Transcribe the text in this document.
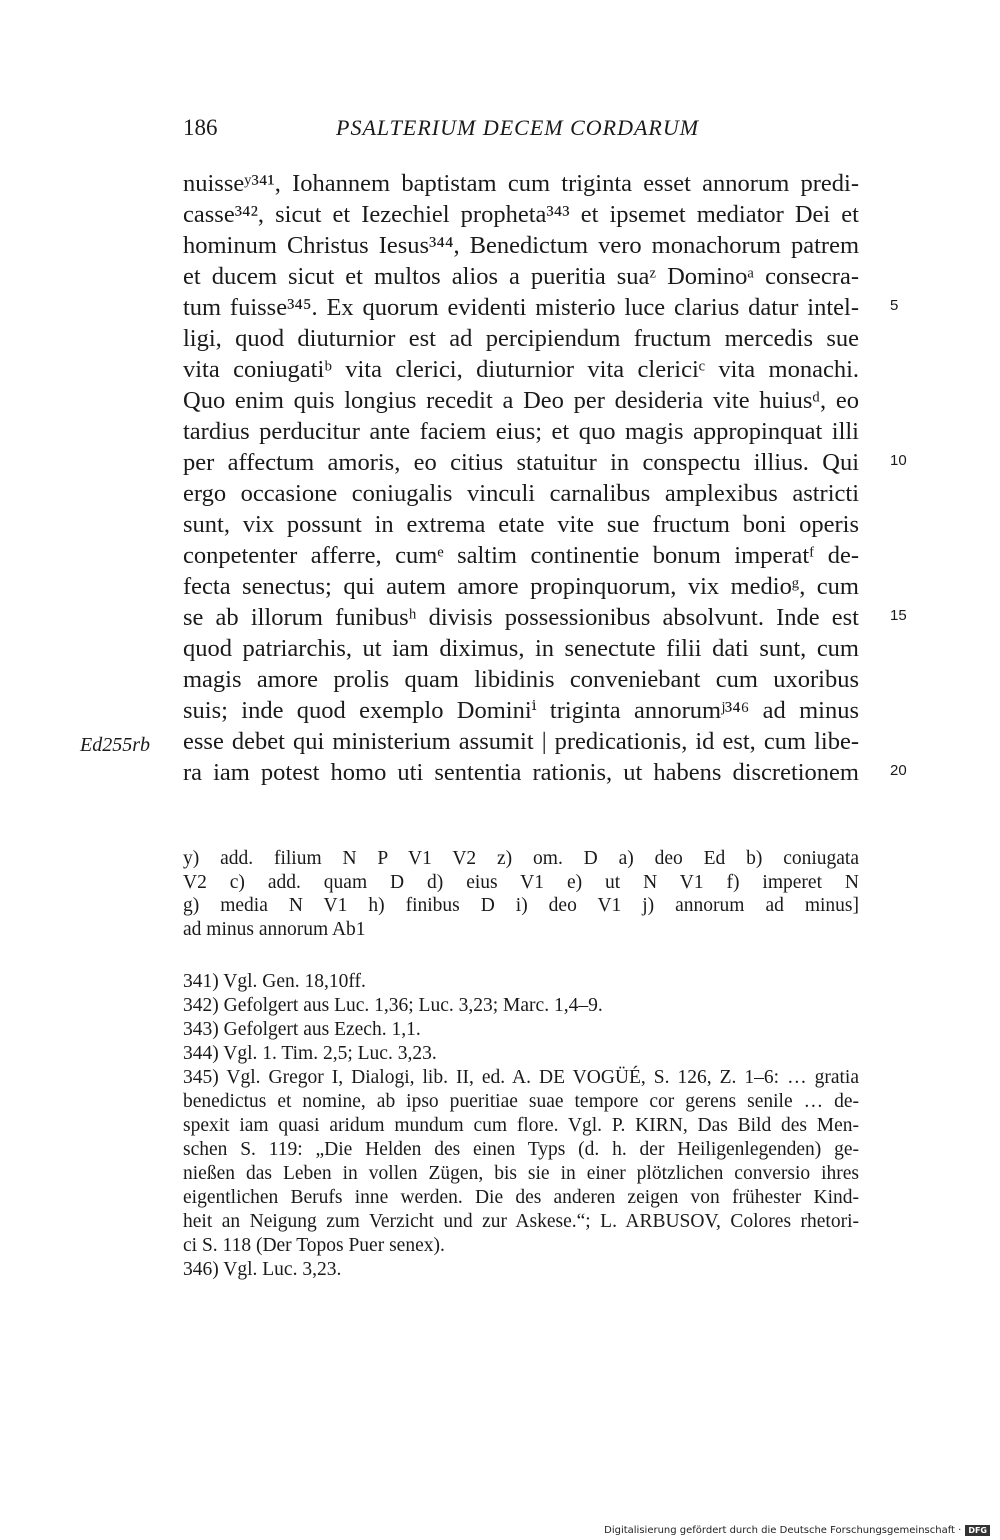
186	PSALTERIUM DECEM CORDARUM
Ed255rb
nuisseʸ³⁴¹, Iohannem baptistam cum triginta esset annorum predi-
casse³⁴², sicut et Iezechiel propheta³⁴³ et ipsemet mediator Dei et
hominum Christus Iesus³⁴⁴, Benedictum vero monachorum patrem
et ducem sicut et multos alios a pueritia suaᶻ Dominoᵃ consecra-
tum fuisse³⁴⁵. Ex quorum evidenti misterio luce clarius datur intel-
ligi, quod diuturnior est ad percipiendum fructum mercedis sue
vita coniugatiᵇ vita clerici, diuturnior vita clericiᶜ vita monachi.
Quo enim quis longius recedit a Deo per desideria vite huiusᵈ, eo
tardius perducitur ante faciem eius; et quo magis appropinquat illi
per affectum amoris, eo citius statuitur in conspectu illius. Qui
ergo occasione coniugalis vinculi carnalibus amplexibus astricti
sunt, vix possunt in extrema etate vite sue fructum boni operis
conpetenter afferre, cumᵉ saltim continentie bonum imperatᶠ de-
fecta senectus; qui autem amore propinquorum, vix medioᵍ, cum
se ab illorum funibusʰ divisis possessionibus absolvunt. Inde est
quod patriarchis, ut iam diximus, in senectute filii dati sunt, cum
magis amore prolis quam libidinis conveniebant cum uxoribus
suis; inde quod exemplo Dominiⁱ triginta annorumʲ³⁴⁶ ad minus
esse debet qui ministerium assumit | predicationis, id est, cum libe-
ra iam potest homo uti sententia rationis, ut habens discretionem
5
10
15
20
y) add. filium N P V1 V2 z) om. D a) deo Ed b) coniugata
V2 c) add. quam D d) eius V1 e) ut N V1 f) imperet N
g) media N V1 h) finibus D i) deo V1 j) annorum ad minus]
ad minus annorum Ab1
341) Vgl. Gen. 18,10ff.
342) Gefolgert aus Luc. 1,36; Luc. 3,23; Marc. 1,4–9.
343) Gefolgert aus Ezech. 1,1.
344) Vgl. 1. Tim. 2,5; Luc. 3,23.
345) Vgl. Gregor I, Dialogi, lib. II, ed. A. DE VOGÜÉ, S. 126, Z. 1–6: … gratia
benedictus et nomine, ab ipso pueritiae suae tempore cor gerens senile … de-
spexit iam quasi aridum mundum cum flore. Vgl. P. KIRN, Das Bild des Men-
schen S. 119: „Die Helden des einen Typs (d. h. der Heiligenlegenden) ge-
nießen das Leben in vollen Zügen, bis sie in einer plötzlichen conversio ihres
eigentlichen Berufs inne werden. Die des anderen zeigen von frühester Kind-
heit an Neigung zum Verzicht und zur Askese.“; L. ARBUSOV, Colores rhetori-
ci S. 118 (Der Topos Puer senex).
346) Vgl. Luc. 3,23.
Digitalisierung gefördert durch die Deutsche Forschungsgemeinschaft · DFG
